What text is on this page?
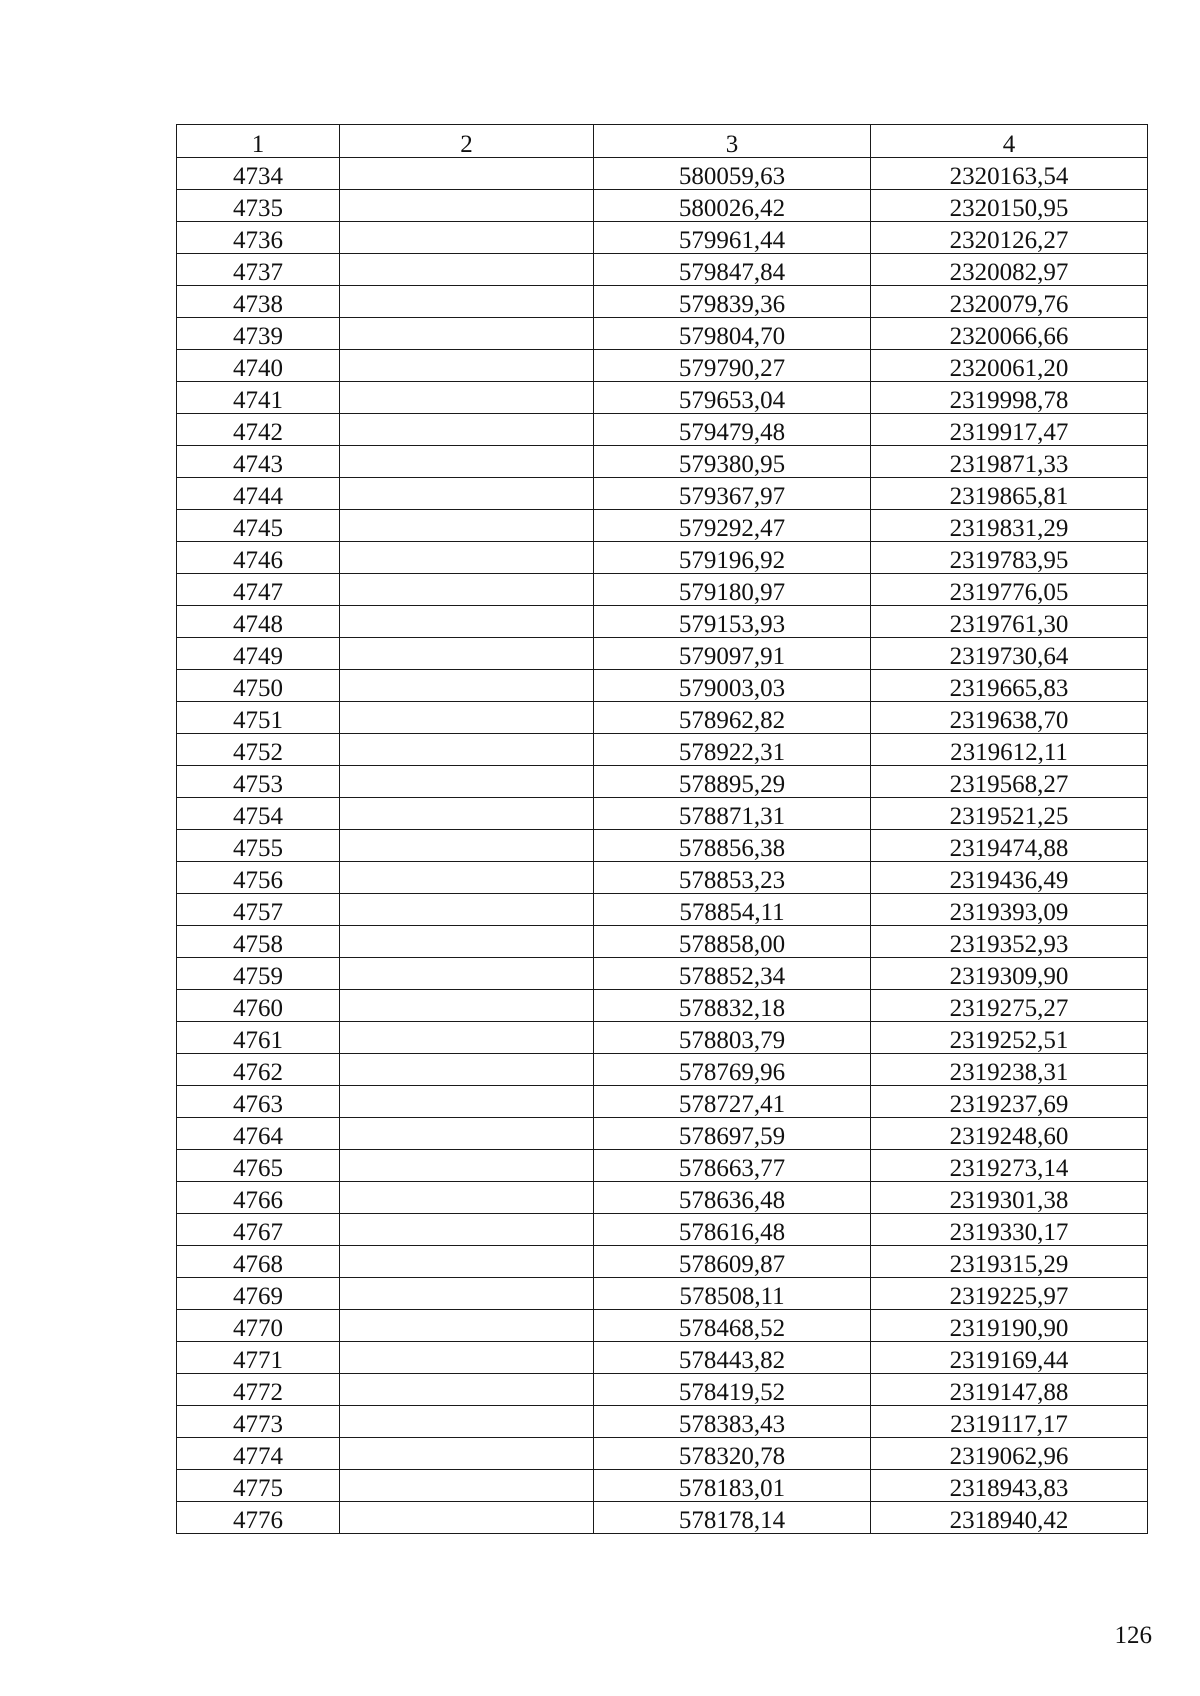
1	2	3	4
4734		580059,63	2320163,54
4735		580026,42	2320150,95
4736		579961,44	2320126,27
4737		579847,84	2320082,97
4738		579839,36	2320079,76
4739		579804,70	2320066,66
4740		579790,27	2320061,20
4741		579653,04	2319998,78
4742		579479,48	2319917,47
4743		579380,95	2319871,33
4744		579367,97	2319865,81
4745		579292,47	2319831,29
4746		579196,92	2319783,95
4747		579180,97	2319776,05
4748		579153,93	2319761,30
4749		579097,91	2319730,64
4750		579003,03	2319665,83
4751		578962,82	2319638,70
4752		578922,31	2319612,11
4753		578895,29	2319568,27
4754		578871,31	2319521,25
4755		578856,38	2319474,88
4756		578853,23	2319436,49
4757		578854,11	2319393,09
4758		578858,00	2319352,93
4759		578852,34	2319309,90
4760		578832,18	2319275,27
4761		578803,79	2319252,51
4762		578769,96	2319238,31
4763		578727,41	2319237,69
4764		578697,59	2319248,60
4765		578663,77	2319273,14
4766		578636,48	2319301,38
4767		578616,48	2319330,17
4768		578609,87	2319315,29
4769		578508,11	2319225,97
4770		578468,52	2319190,90
4771		578443,82	2319169,44
4772		578419,52	2319147,88
4773		578383,43	2319117,17
4774		578320,78	2319062,96
4775		578183,01	2318943,83
4776		578178,14	2318940,42
126
